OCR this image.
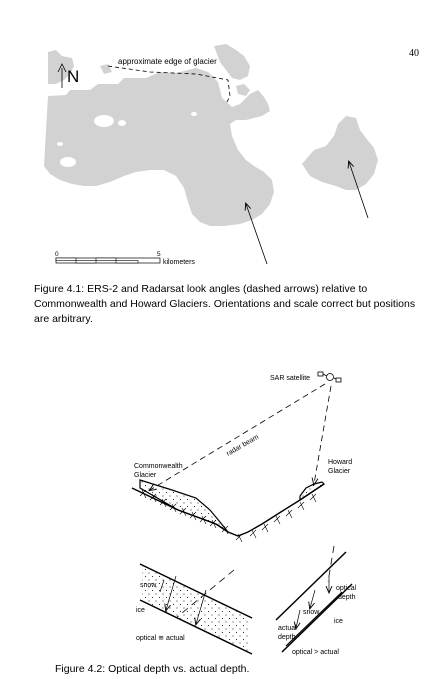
40
N
approximate edge of glacier
0	5
kilometers
Figure 4.1: ERS-2 and Radarsat look angles (dashed arrows) relative to Commonwealth and Howard Glaciers. Orientations and scale correct but positions are arbitrary.
SAR satellite
radar beam
Commonwealth
Glacier
Howard
Glacier
snow
ice
optical ≅ actual
optical
depth
snow
ice
actual
depth
optical > actual
Figure 4.2: Optical depth vs. actual depth.
